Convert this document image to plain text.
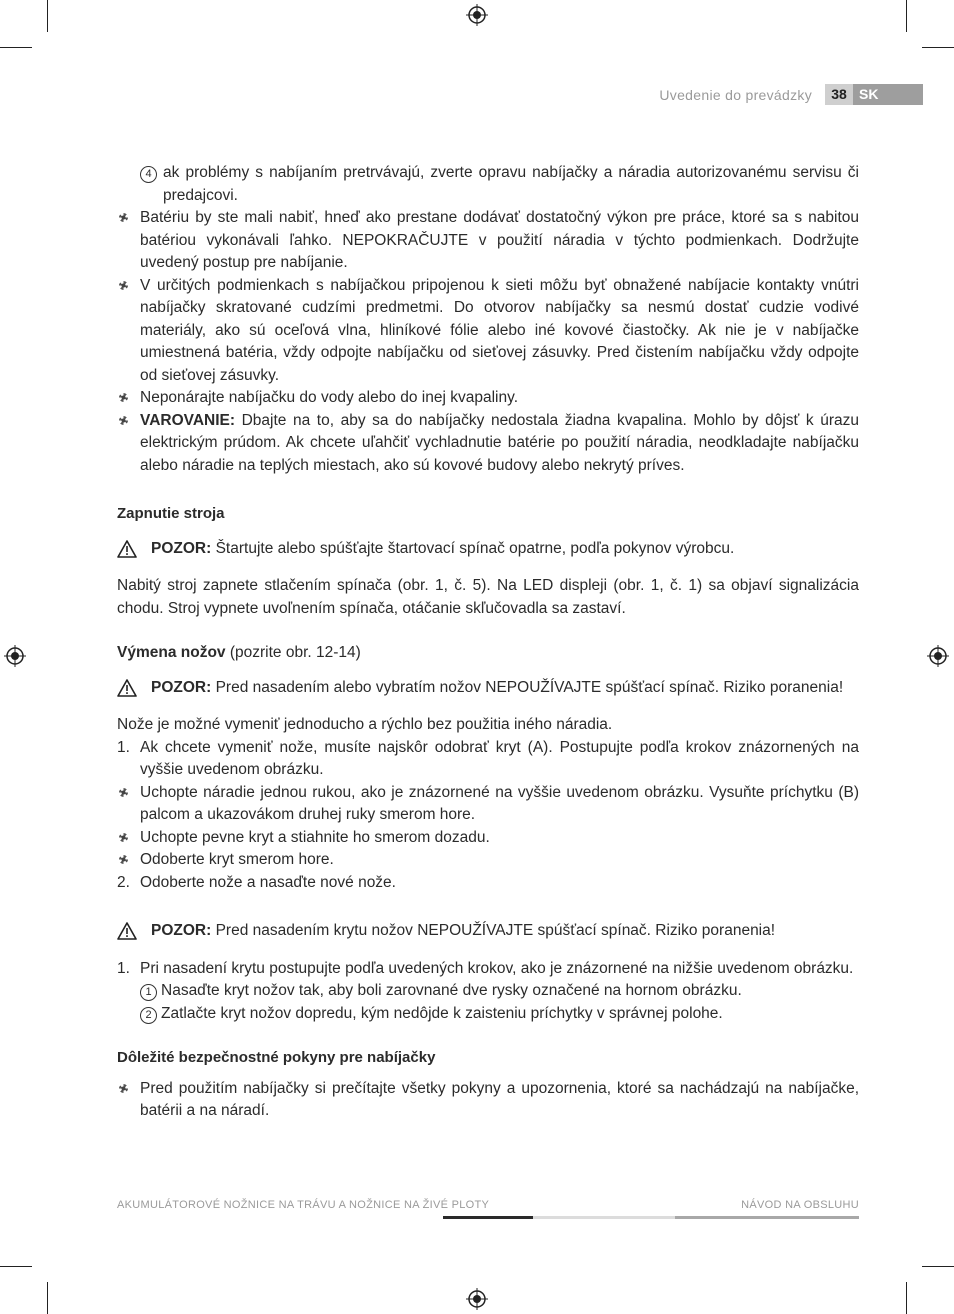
Uvedenie do prevádzky	38 SK
4 ak problémy s nabíjaním pretrvávajú, zverte opravu nabíjačky a náradia autorizovanému servisu či predajcovi.
Batériu by ste mali nabiť, hneď ako prestane dodávať dostatočný výkon pre práce, ktoré sa s nabitou batériou vykonávali ľahko. NEPOKRAČUJTE v použití náradia v týchto podmienkach. Dodržujte uvedený postup pre nabíjanie.
V určitých podmienkach s nabíjačkou pripojenou k sieti môžu byť obnažené nabíjacie kontakty vnútri nabíjačky skratované cudzími predmetmi. Do otvorov nabíjačky sa nesmú dostať cudzie vodivé materiály, ako sú oceľová vlna, hliníkové fólie alebo iné kovové čiastočky. Ak nie je v nabíjačke umiestnená batéria, vždy odpojte nabíjačku od sieťovej zásuvky. Pred čistením nabíjačku vždy odpojte od sieťovej zásuvky.
Neponárajte nabíjačku do vody alebo do inej kvapaliny.
VAROVANIE: Dbajte na to, aby sa do nabíjačky nedostala žiadna kvapalina. Mohlo by dôjsť k úrazu elektrickým prúdom. Ak chcete uľahčiť vychladnutie batérie po použití náradia, neodkladajte nabíjačku alebo náradie na teplých miestach, ako sú kovové budovy alebo nekrytý príves.

Zapnutie stroja

POZOR: Štartujte alebo spúšťajte štartovací spínač opatrne, podľa pokynov výrobcu.

Nabitý stroj zapnete stlačením spínača (obr. 1, č. 5). Na LED displeji (obr. 1, č. 1) sa objaví signalizácia chodu. Stroj vypnete uvoľnením spínača, otáčanie skľučovadla sa zastaví.

Výmena nožov (pozrite obr. 12-14)

POZOR: Pred nasadením alebo vybratím nožov NEPOUŽÍVAJTE spúšťací spínač. Riziko poranenia!

Nože je možné vymeniť jednoducho a rýchlo bez použitia iného náradia.

1. Ak chcete vymeniť nože, musíte najskôr odobrať kryt (A). Postupujte podľa krokov znázornených na vyššie uvedenom obrázku.
Uchopte náradie jednou rukou, ako je znázornené na vyššie uvedenom obrázku. Vysuňte príchytku (B) palcom a ukazovákom druhej ruky smerom hore.
Uchopte pevne kryt a stiahnite ho smerom dozadu.
Odoberte kryt smerom hore.
2. Odoberte nože a nasaďte nové nože.
POZOR: Pred nasadením krytu nožov NEPOUŽÍVAJTE spúšťací spínač. Riziko poranenia!
1. Pri nasadení krytu postupujte podľa uvedených krokov, ako je znázornené na nižšie uvedenom obrázku.
1 Nasaďte kryt nožov tak, aby boli zarovnané dve rysky označené na hornom obrázku.
2 Zatlačte kryt nožov dopredu, kým nedôjde k zaisteniu príchytky v správnej polohe.

Dôležité bezpečnostné pokyny pre nabíjačky

Pred použitím nabíjačky si prečítajte všetky pokyny a upozornenia, ktoré sa nachádzajú na nabíjačke, batérii a na náradí.
AKUMULÁTOROVÉ NOŽNICE NA TRÁVU A NOŽNICE NA ŽIVÉ PLOTY	NÁVOD NA OBSLUHU
